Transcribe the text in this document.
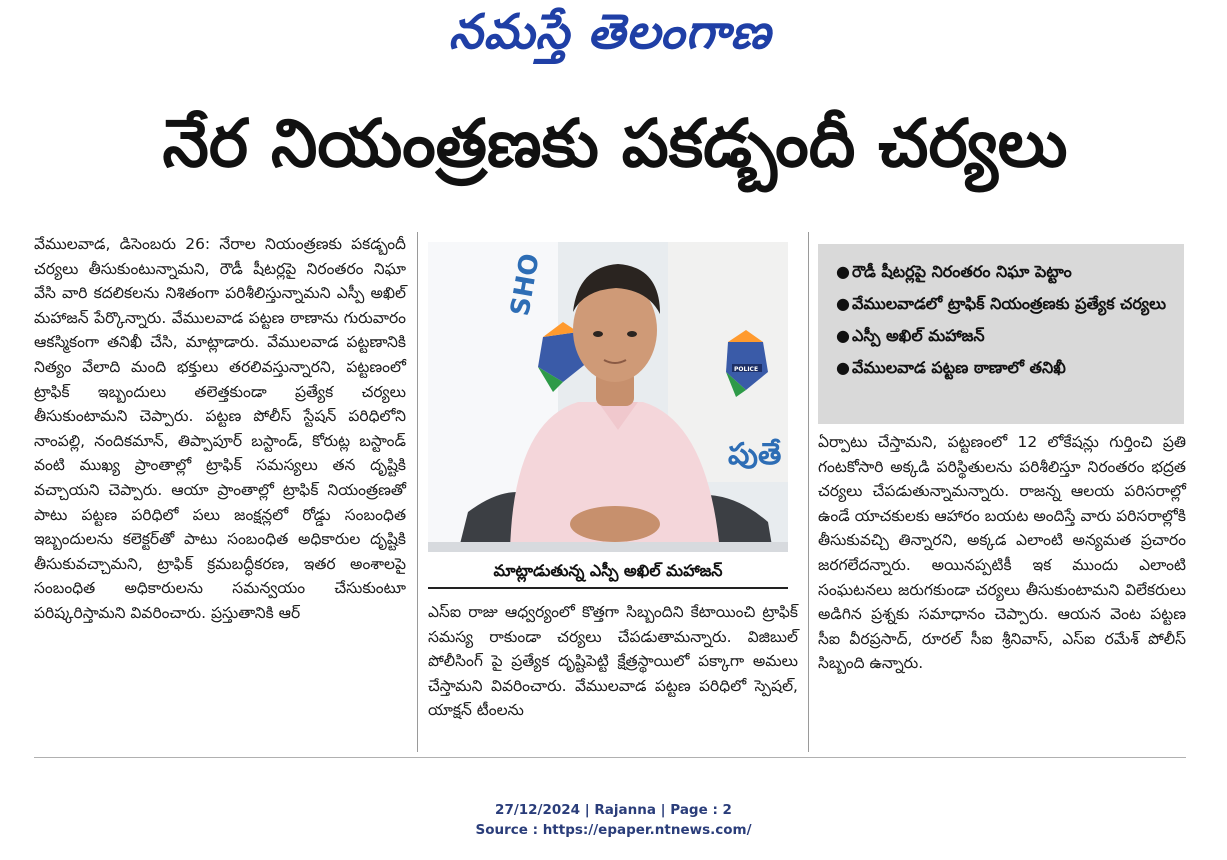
నమస్తే తెలంగాణ
నేర నియంత్రణకు పకడ్బందీ చర్యలు
వేములవాడ, డిసెంబరు 26: నేరాల నియంత్రణకు పకడ్బందీ చర్యలు తీసుకుంటున్నామని, రౌడీ షీటర్లపై నిరంతరం నిఘా వేసి వారి కదలికలను నిశితంగా పరిశీలిస్తున్నామని ఎస్పీ అఖిల్ మహాజన్ పేర్కొన్నారు. వేములవాడ పట్టణ ఠాణాను గురువారం ఆకస్మికంగా తనిఖీ చేసి, మాట్లాడారు. వేములవాడ పట్టణానికి నిత్యం వేలాది మంది భక్తులు తరలివస్తున్నారని, పట్టణంలో ట్రాఫిక్ ఇబ్బందులు తలెత్తకుండా ప్రత్యేక చర్యలు తీసుకుంటామని చెప్పారు. పట్టణ పోలీస్ స్టేషన్ పరిధిలోని నాంపల్లి, నందికమాన్, తిప్పాపూర్ బస్టాండ్, కోరుట్ల బస్టాండ్ వంటి ముఖ్య ప్రాంతాల్లో ట్రాఫిక్ సమస్యలు తన దృష్టికి వచ్చాయని చెప్పారు. ఆయా ప్రాంతాల్లో ట్రాఫిక్ నియంత్రణతో పాటు పట్టణ పరిధిలో పలు జంక్షన్లలో రోడ్డు సంబంధిత ఇబ్బందులను కలెక్టర్‌తో పాటు సంబంధిత అధికారుల దృష్టికి తీసుకువచ్చామని, ట్రాఫిక్ క్రమబద్ధీకరణ, ఇతర అంశాలపై సంబంధిత అధికారులను సమన్వయం చేసుకుంటూ పరిష్కరిస్తామని వివరించారు. ప్రస్తుతానికి ఆర్
SHO
పుతే
POLICE
మాట్లాడుతున్న ఎస్పీ అఖిల్ మహాజన్
ఎస్‌ఐ రాజు ఆధ్వర్యంలో కొత్తగా సిబ్బందిని కేటాయించి ట్రాఫిక్ సమస్య రాకుండా చర్యలు చేపడుతామన్నారు. విజిబుల్ పోలీసింగ్ పై ప్రత్యేక దృష్టిపెట్టి క్షేత్రస్థాయిలో పక్కాగా అమలు చేస్తామని వివరించారు. వేములవాడ పట్టణ పరిధిలో స్పెషల్, యాక్షన్ టీంలను
● రౌడీ షీటర్లపై నిరంతరం నిఘా పెట్టాం
● వేములవాడలో ట్రాఫిక్ నియంత్రణకు ప్రత్యేక చర్యలు
● ఎస్పీ అఖిల్ మహాజన్
● వేములవాడ పట్టణ ఠాణాలో తనిఖీ
ఏర్పాటు చేస్తామని, పట్టణంలో 12 లోకేషన్లు గుర్తించి ప్రతి గంటకోసారి అక్కడి పరిస్థితులను పరిశీలిస్తూ నిరంతరం భద్రత చర్యలు చేపడుతున్నామన్నారు. రాజన్న ఆలయ పరిసరాల్లో ఉండే యాచకులకు ఆహారం బయట అందిస్తే వారు పరిసరాల్లోకి తీసుకువచ్చి తిన్నారని, అక్కడ ఎలాంటి అన్యమత ప్రచారం జరగలేదన్నారు. అయినప్పటికీ ఇక ముందు ఎలాంటి సంఘటనలు జరుగకుండా చర్యలు తీసుకుంటామని విలేకరులు అడిగిన ప్రశ్నకు సమాధానం చెప్పారు. ఆయన వెంట పట్టణ సీఐ వీరప్రసాద్, రూరల్ సీఐ శ్రీనివాస్, ఎస్‌ఐ రమేశ్ పోలీస్ సిబ్బంది ఉన్నారు.
27/12/2024 | Rajanna | Page : 2
Source : https://epaper.ntnews.com/
